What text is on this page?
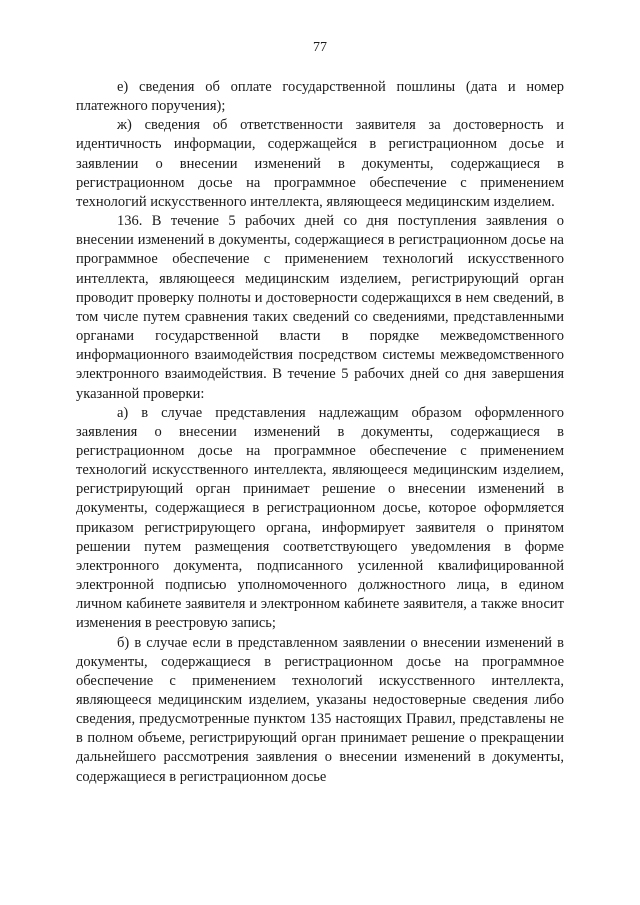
77

е) сведения об оплате государственной пошлины (дата и номер платежного поручения);

ж) сведения об ответственности заявителя за достоверность и идентичность информации, содержащейся в регистрационном досье и заявлении о внесении изменений в документы, содержащиеся в регистрационном досье на программное обеспечение с применением технологий искусственного интеллекта, являющееся медицинским изделием.

136. В течение 5 рабочих дней со дня поступления заявления о внесении изменений в документы, содержащиеся в регистрационном досье на программное обеспечение с применением технологий искусственного интеллекта, являющееся медицинским изделием, регистрирующий орган проводит проверку полноты и достоверности содержащихся в нем сведений, в том числе путем сравнения таких сведений со сведениями, представленными органами государственной власти в порядке межведомственного информационного взаимодействия посредством системы межведомственного электронного взаимодействия. В течение 5 рабочих дней со дня завершения указанной проверки:

а) в случае представления надлежащим образом оформленного заявления о внесении изменений в документы, содержащиеся в регистрационном досье на программное обеспечение с применением технологий искусственного интеллекта, являющееся медицинским изделием, регистрирующий орган принимает решение о внесении изменений в документы, содержащиеся в регистрационном досье, которое оформляется приказом регистрирующего органа, информирует заявителя о принятом решении путем размещения соответствующего уведомления в форме электронного документа, подписанного усиленной квалифицированной электронной подписью уполномоченного должностного лица, в едином личном кабинете заявителя и электронном кабинете заявителя, а также вносит изменения в реестровую запись;

б) в случае если в представленном заявлении о внесении изменений в документы, содержащиеся в регистрационном досье на программное обеспечение с применением технологий искусственного интеллекта, являющееся медицинским изделием, указаны недостоверные сведения либо сведения, предусмотренные пунктом 135 настоящих Правил, представлены не в полном объеме, регистрирующий орган принимает решение о прекращении дальнейшего рассмотрения заявления о внесении изменений в документы, содержащиеся в регистрационном досье
